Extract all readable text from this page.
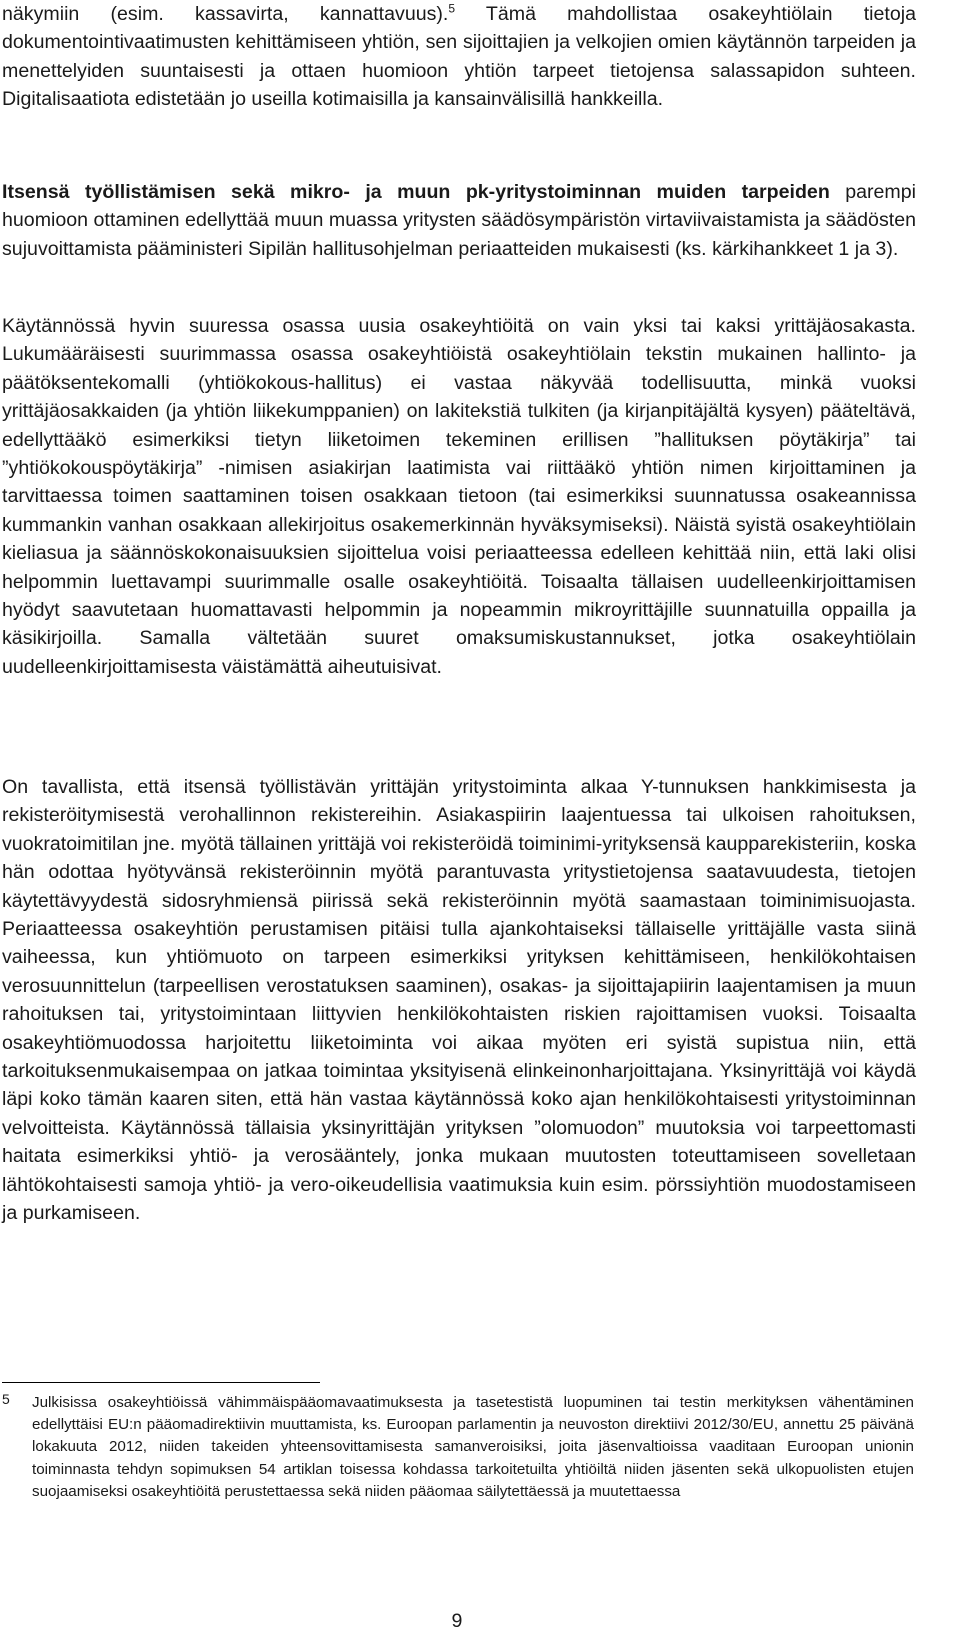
näkymiin (esim. kassavirta, kannattavuus).$^5$ Tämä mahdollistaa osakeyhtiölain tietoja dokumentointivaatimusten kehittämiseen yhtiön, sen sijoittajien ja velkojien omien käytännön tarpeiden ja menettelyiden suuntaisesti ja ottaen huomioon yhtiön tarpeet tietojensa salassapidon suhteen. Digitalisaatiota edistetään jo useilla kotimaisilla ja kansainvälisillä hankkeilla.

Itsensä työllistämisen sekä mikro- ja muun pk-yritystoiminnan muiden tarpeiden parempi huomioon ottaminen edellyttää muun muassa yritysten säädösympäristön virtaviivaistamista ja säädösten sujuvoittamista pääministeri Sipilän hallitusohjelman periaatteiden mukaisesti (ks. kärkihankkeet 1 ja 3).

Käytännössä hyvin suuressa osassa uusia osakeyhtiöitä on vain yksi tai kaksi yrittäjäosakasta. Lukumääräisesti suurimmassa osassa osakeyhtiöistä osakeyhtiölain tekstin mukainen hallinto- ja päätöksentekomalli (yhtiökokous-hallitus) ei vastaa näkyvää todellisuutta, minkä vuoksi yrittäjäosakkaiden (ja yhtiön liikekumppanien) on lakitekstiä tulkiten (ja kirjanpitäjältä kysyen) pääteltävä, edellyttääkö esimerkiksi tietyn liiketoimen tekeminen erillisen ”hallituksen pöytäkirja” tai ”yhtiökokouspöytäkirja” -nimisen asiakirjan laatimista vai riittääkö yhtiön nimen kirjoittaminen ja tarvittaessa toimen saattaminen toisen osakkaan tietoon (tai esimerkiksi suunnatussa osakeannissa kummankin vanhan osakkaan allekirjoitus osakemerkinnän hyväksymiseksi). Näistä syistä osakeyhtiölain kieliasua ja säännöskokonaisuuksien sijoittelua voisi periaatteessa edelleen kehittää niin, että laki olisi helpommin luettavampi suurimmalle osalle osakeyhtiöitä. Toisaalta tällaisen uudelleenkirjoittamisen hyödyt saavutetaan huomattavasti helpommin ja nopeammin mikroyrittäjille suunnatuilla oppailla ja käsikirjoilla. Samalla vältetään suuret omaksumiskustannukset, jotka osakeyhtiölain uudelleenkirjoittamisesta väistämättä aiheutuisivat.

On tavallista, että itsensä työllistävän yrittäjän yritystoiminta alkaa Y-tunnuksen hankkimisesta ja rekisteröitymisestä verohallinnon rekistereihin. Asiakaspiirin laajentuessa tai ulkoisen rahoituksen, vuokratoimitilan jne. myötä tällainen yrittäjä voi rekisteröidä toiminimi-yrityksensä kaupparekisteriin, koska hän odottaa hyötyvänsä rekisteröinnin myötä parantuvasta yritystietojensa saatavuudesta, tietojen käytettävyydestä sidosryhmiensä piirissä sekä rekisteröinnin myötä saamastaan toiminimisuojasta. Periaatteessa osakeyhtiön perustamisen pitäisi tulla ajankohtaiseksi tällaiselle yrittäjälle vasta siinä vaiheessa, kun yhtiömuoto on tarpeen esimerkiksi yrityksen kehittämiseen, henkilökohtaisen verosuunnittelun (tarpeellisen verostatuksen saaminen), osakas- ja sijoittajapiirin laajentamisen ja muun rahoituksen tai, yritystoimintaan liittyvien henkilökohtaisten riskien rajoittamisen vuoksi. Toisaalta osakeyhtiömuodossa harjoitettu liiketoiminta voi aikaa myöten eri syistä supistua niin, että tarkoituksenmukaisempaa on jatkaa toimintaa yksityisenä elinkeinonharjoittajana. Yksinyrittäjä voi käydä läpi koko tämän kaaren siten, että hän vastaa käytännössä koko ajan henkilökohtaisesti yritystoiminnan velvoitteista. Käytännössä tällaisia yksinyrittäjän yrityksen ”olomuodon” muutoksia voi tarpeettomasti haitata esimerkiksi yhtiö- ja verosääntely, jonka mukaan muutosten toteuttamiseen sovelletaan lähtökohtaisesti samoja yhtiö- ja vero-oikeudellisia vaatimuksia kuin esim. pörssiyhtiön muodostamiseen ja purkamiseen.

5	Julkisissa osakeyhtiöissä vähimmäispääomavaatimuksesta ja tasetestistä luopuminen tai testin merkityksen vähentäminen edellyttäisi EU:n pääomadirektiivin muuttamista, ks. Euroopan parlamentin ja neuvoston direktiivi 2012/30/EU, annettu 25 päivänä lokakuuta 2012, niiden takeiden yhteensovittamisesta samanveroisiksi, joita jäsenvaltioissa vaaditaan Euroopan unionin toiminnasta tehdyn sopimuksen 54 artiklan toisessa kohdassa tarkoitetuilta yhtiöiltä niiden jäsenten sekä ulkopuolisten etujen suojaamiseksi osakeyhtiöitä perustettaessa sekä niiden pääomaa säilytettäessä ja muutettaessa
9
